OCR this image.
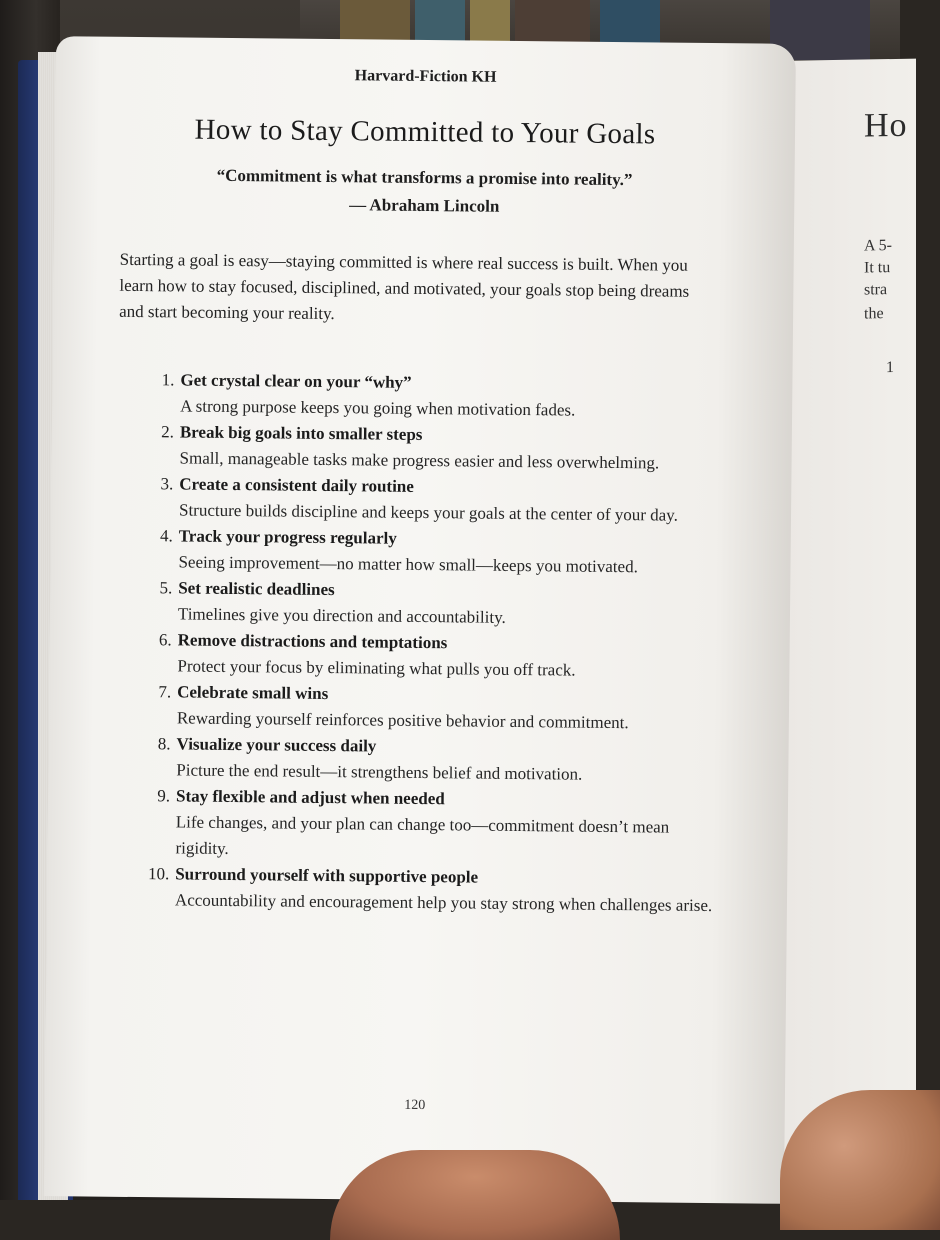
Ho
A 5-
It tu
stra
the
1
Harvard-Fiction KH
How to Stay Committed to Your Goals
“Commitment is what transforms a promise into reality.”
— Abraham Lincoln

Starting a goal is easy—staying committed is where real success is built. When you learn how to stay focused, disciplined, and motivated, your goals stop being dreams and start becoming your reality.

1. Get crystal clear on your “why”
A strong purpose keeps you going when motivation fades.
2. Break big goals into smaller steps
Small, manageable tasks make progress easier and less overwhelming.
3. Create a consistent daily routine
Structure builds discipline and keeps your goals at the center of your day.
4. Track your progress regularly
Seeing improvement—no matter how small—keeps you motivated.
5. Set realistic deadlines
Timelines give you direction and accountability.
6. Remove distractions and temptations
Protect your focus by eliminating what pulls you off track.
7. Celebrate small wins
Rewarding yourself reinforces positive behavior and commitment.
8. Visualize your success daily
Picture the end result—it strengthens belief and motivation.
9. Stay flexible and adjust when needed
Life changes, and your plan can change too—commitment doesn’t mean rigidity.
10. Surround yourself with supportive people
Accountability and encouragement help you stay strong when challenges arise.
120
